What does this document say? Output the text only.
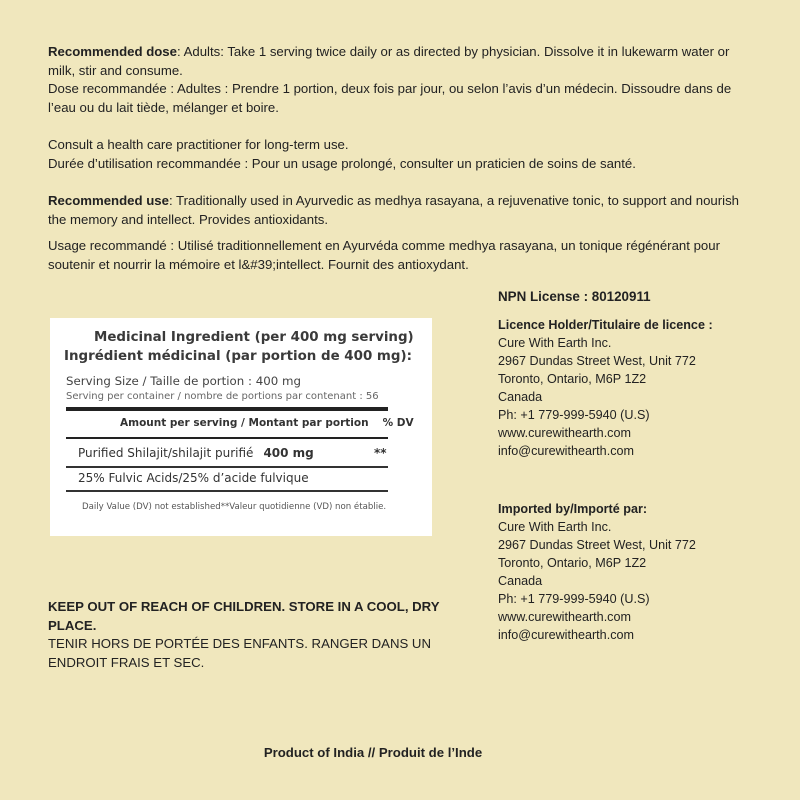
Recommended dose: Adults: Take 1 serving twice daily or as directed by physician. Dissolve it in lukewarm water or milk, stir and consume.
Dose recommandée : Adultes : Prendre 1 portion, deux fois par jour, ou selon l’avis d’un médecin. Dissoudre dans de l’eau ou du lait tiède, mélanger et boire.
Consult a health care practitioner for long-term use.
Durée d’utilisation recommandée : Pour un usage prolongé, consulter un praticien de soins de santé.
Recommended use: Traditionally used in Ayurvedic as medhya rasayana, a rejuvenative tonic, to support and nourish the memory and intellect. Provides antioxidants.
Usage recommandé : Utilisé traditionnellement en Ayurvéda comme medhya rasayana, un tonique régénérant pour soutenir et nourrir la mémoire et l&#39;intellect. Fournit des antioxydant.
Medicinal Ingredient (per 400 mg serving)
Ingrédient médicinal (par portion de 400 mg):
Serving Size / Taille de portion : 400 mg
Serving per container / nombre de portions par contenant : 56
Amount per serving / Montant par portion % DV
Purified Shilajit/shilajit purifié 400 mg	**
25% Fulvic Acids/25% d’acide fulvique
Daily Value (DV) not established**Valeur quotidienne (VD) non établie.
NPN License : 80120911
Licence Holder/Titulaire de licence :
Cure With Earth Inc.
2967 Dundas Street West, Unit 772
Toronto, Ontario, M6P 1Z2
Canada
Ph: +1 779-999-5940 (U.S)
www.curewithearth.com
info@curewithearth.com
Imported by/Importé par:
Cure With Earth Inc.
2967 Dundas Street West, Unit 772
Toronto, Ontario, M6P 1Z2
Canada
Ph: +1 779-999-5940 (U.S)
www.curewithearth.com
info@curewithearth.com
KEEP OUT OF REACH OF CHILDREN. STORE IN A COOL, DRY PLACE.
TENIR HORS DE PORTÉE DES ENFANTS. RANGER DANS UN ENDROIT FRAIS ET SEC.
Product of India // Produit de l’Inde
